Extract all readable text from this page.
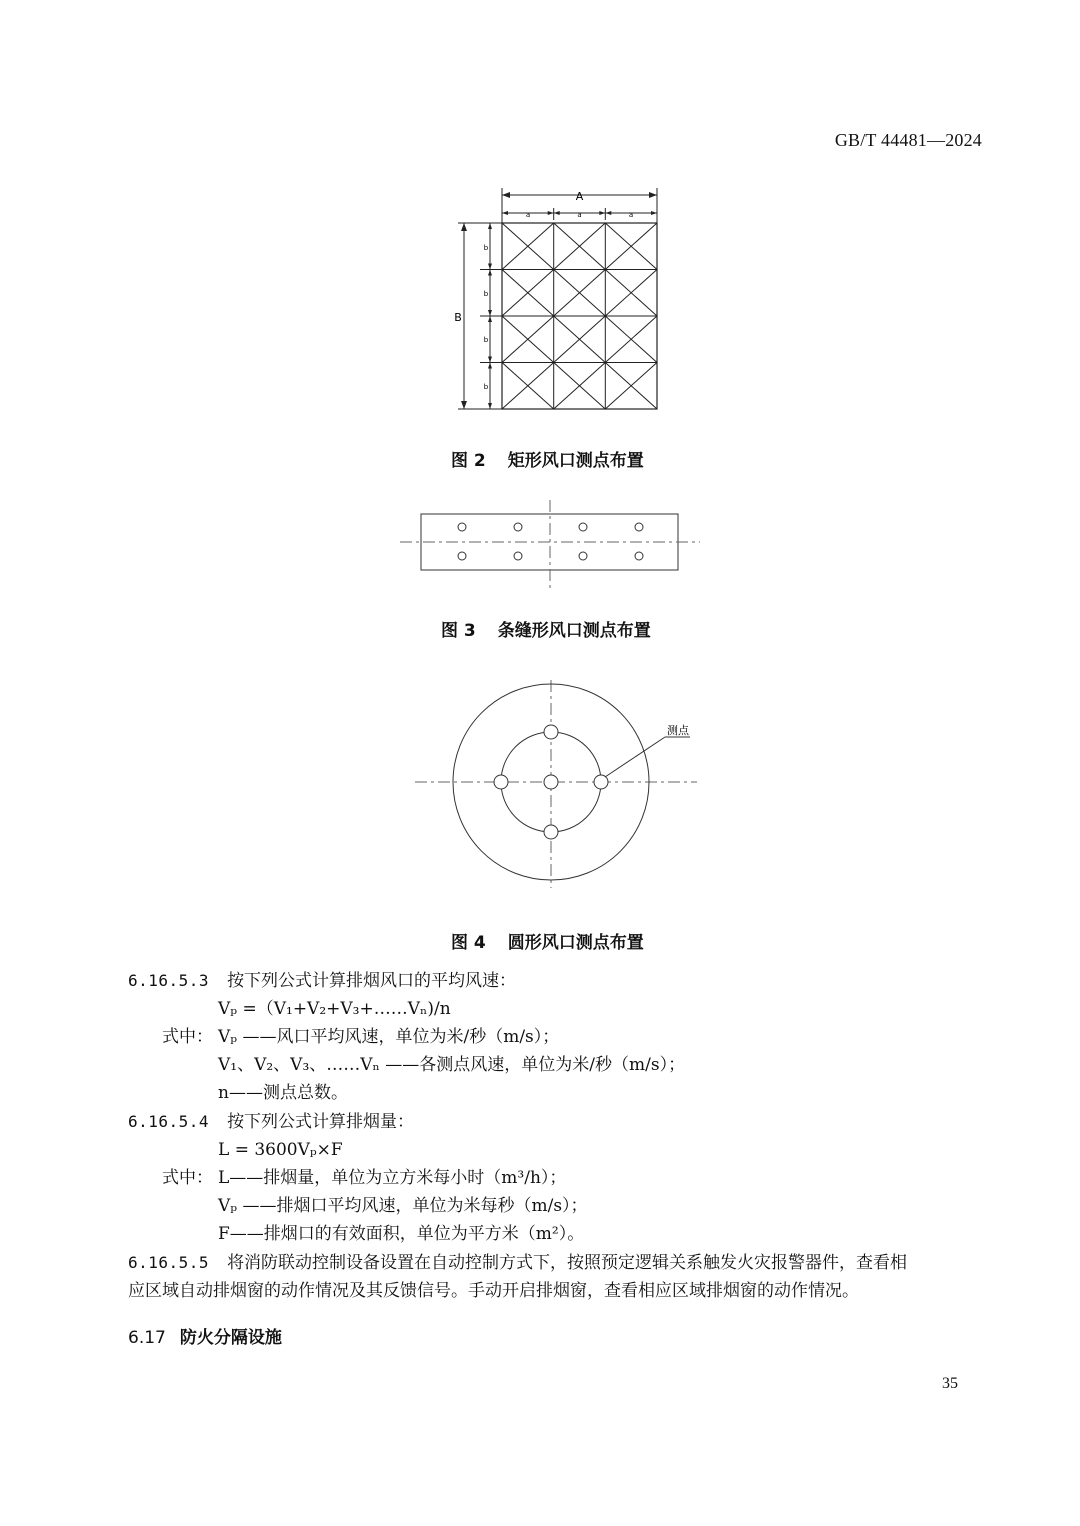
GB/T 44481—2024
A
a	a	a
B
b
b
b
b
图 2 矩形风口测点布置
图 3 条缝形风口测点布置
测点
图 4 圆形风口测点布置
6.16.5.3 按下列公式计算排烟风口的平均风速：
Vₚ =（V₁+V₂+V₃+……Vₙ)/n
式中： Vₚ ——风口平均风速，单位为米/秒（m/s）；
V₁、V₂、V₃、……Vₙ ——各测点风速，单位为米/秒（m/s）；
n——测点总数。
6.16.5.4 按下列公式计算排烟量：
L = 3600Vₚ×F
式中： L——排烟量，单位为立方米每小时（m³/h）；
Vₚ ——排烟口平均风速，单位为米每秒（m/s）；
F——排烟口的有效面积，单位为平方米（m²）。
6.16.5.5 将消防联动控制设备设置在自动控制方式下，按照预定逻辑关系触发火灾报警器件，查看相
应区域自动排烟窗的动作情况及其反馈信号。手动开启排烟窗，查看相应区域排烟窗的动作情况。
6.17 防火分隔设施
35
